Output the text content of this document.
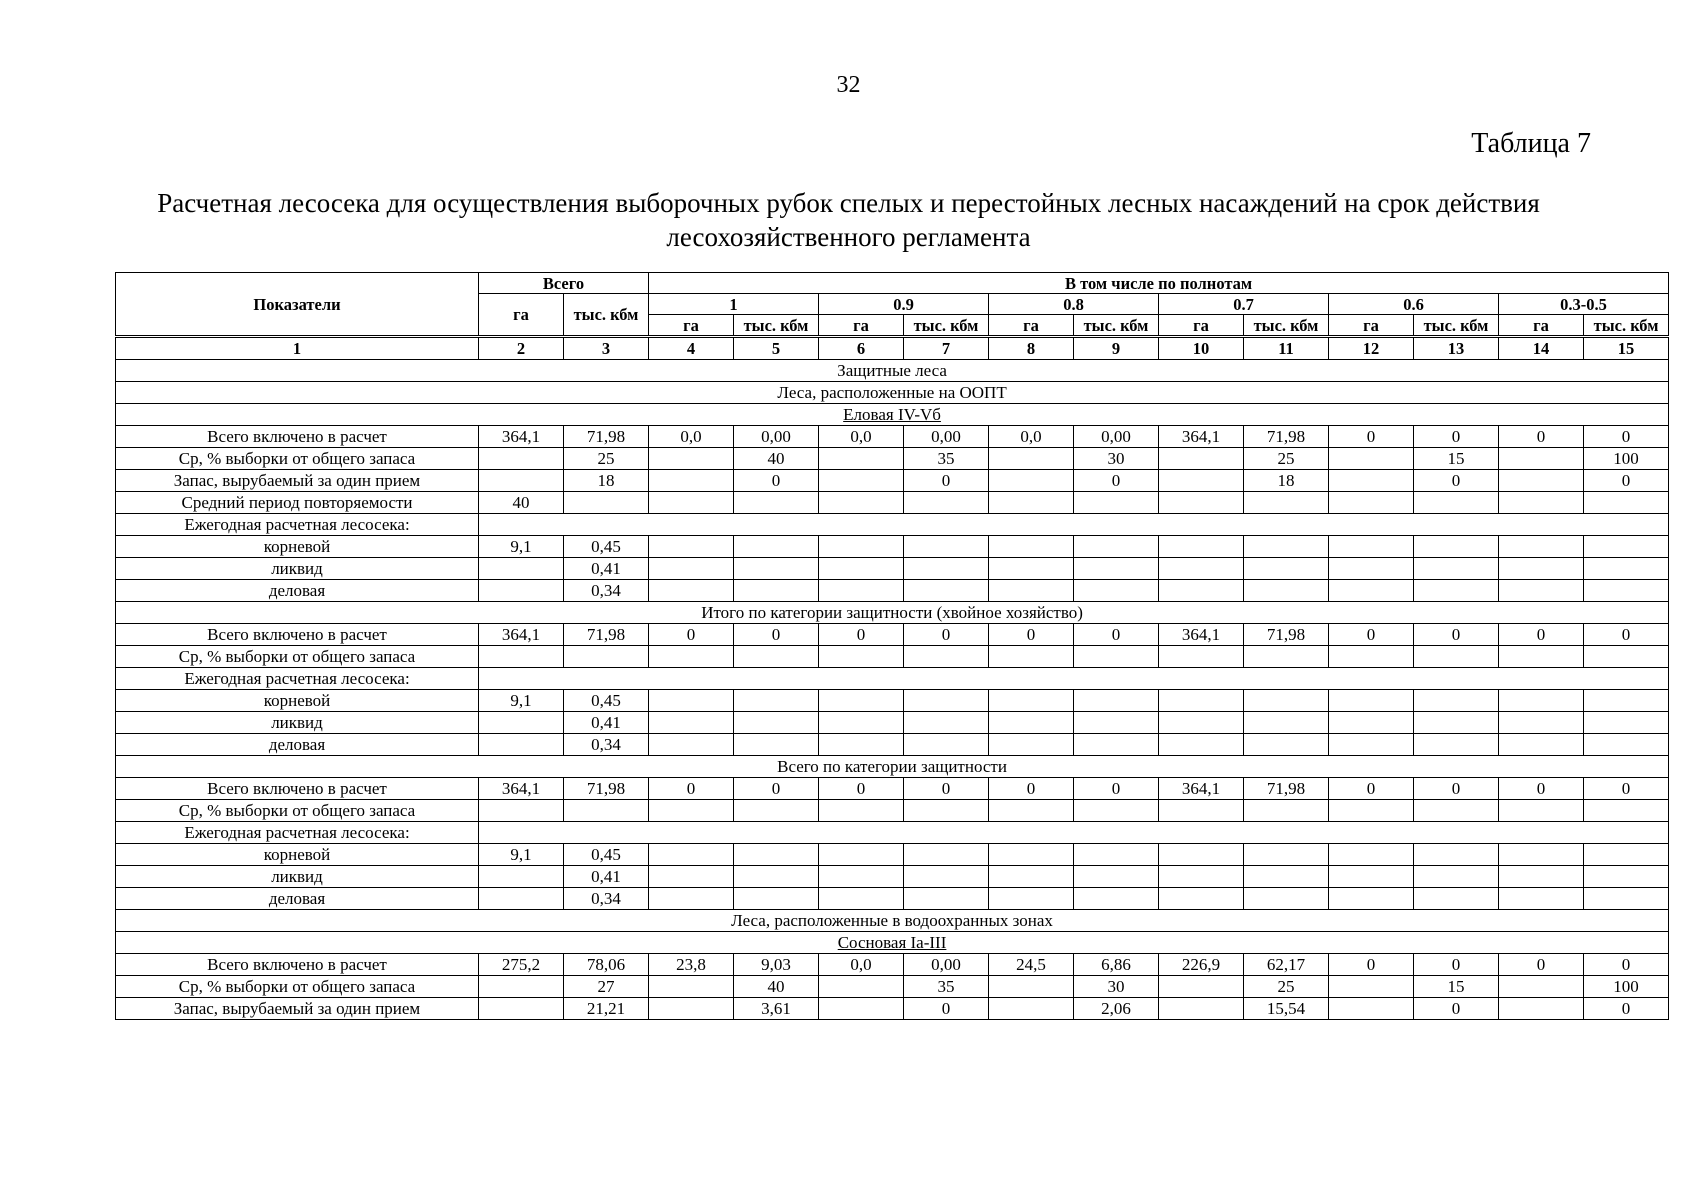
32
Таблица 7
Расчетная лесосека для осуществления выборочных рубок спелых и перестойных лесных насаждений на срок действия
лесохозяйственного регламента
Показатели	Всего		В том числе по полнотам											
	га	тыс. кбм	1		0.9		0.8		0.7		0.6		0.3-0.5	
			га	тыс. кбм	га	тыс. кбм	га	тыс. кбм	га	тыс. кбм	га	тыс. кбм	га	тыс. кбм
1	2	3	4	5	6	7	8	9	10	11	12	13	14	15
Защитные леса														
Леса, расположенные на ООПТ														
Еловая IV-Vб														
Всего включено в расчет	364,1	71,98	0,0	0,00	0,0	0,00	0,0	0,00	364,1	71,98	0	0	0	0
Ср, % выборки от общего запаса		25		40		35		30		25		15		100
Запас, вырубаемый за один прием		18		0		0		0		18		0		0
Средний период повторяемости	40													
Ежегодная расчетная лесосека:														
корневой	9,1	0,45												
ликвид		0,41												
деловая		0,34												
Итого по категории защитности (хвойное хозяйство)														
Всего включено в расчет	364,1	71,98	0	0	0	0	0	0	364,1	71,98	0	0	0	0
Ср, % выборки от общего запаса														
Ежегодная расчетная лесосека:														
корневой	9,1	0,45												
ликвид		0,41												
деловая		0,34												
Всего по категории защитности														
Всего включено в расчет	364,1	71,98	0	0	0	0	0	0	364,1	71,98	0	0	0	0
Ср, % выборки от общего запаса														
Ежегодная расчетная лесосека:														
корневой	9,1	0,45												
ликвид		0,41												
деловая		0,34												
Леса, расположенные в водоохранных зонах														
Сосновая Ia-III														
Всего включено в расчет	275,2	78,06	23,8	9,03	0,0	0,00	24,5	6,86	226,9	62,17	0	0	0	0
Ср, % выборки от общего запаса		27		40		35		30		25		15		100
Запас, вырубаемый за один прием		21,21		3,61		0		2,06		15,54		0		0
